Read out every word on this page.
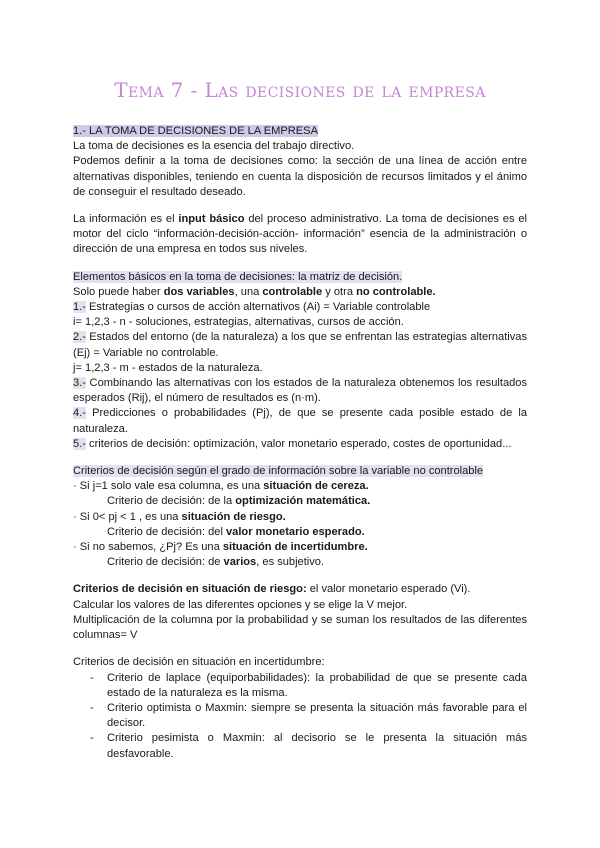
Tema 7 - Las decisiones de la empresa

1.- LA TOMA DE DECISIONES DE LA EMPRESA

La toma de decisiones es la esencia del trabajo directivo.

Podemos definir a la toma de decisiones como: la sección de una línea de acción entre alternativas disponibles, teniendo en cuenta la disposición de recursos limitados y el ánimo de conseguir el resultado deseado.

La información es el input básico del proceso administrativo. La toma de decisiones es el motor del ciclo “información-decisión-acción- información” esencia de la administración o dirección de una empresa en todos sus niveles.

Elementos básicos en la toma de decisiones: la matriz de decisión.

Solo puede haber dos variables, una controlable y otra no controlable.

1.- Estrategias o cursos de acción alternativos (Ai) = Variable controlable

i= 1,2,3 - n - soluciones, estrategias, alternativas, cursos de acción.

2.- Estados del entorno (de la naturaleza) a los que se enfrentan las estrategias alternativas (Ej) = Variable no controlable.

j= 1,2,3 - m - estados de la naturaleza.

3.- Combinando las alternativas con los estados de la naturaleza obtenemos los resultados esperados (Rij), el número de resultados es (n·m).

4.- Predicciones o probabilidades (Pj), de que se presente cada posible estado de la naturaleza.

5.- criterios de decisión: optimización, valor monetario esperado, costes de oportunidad...

Criterios de decisión según el grado de información sobre la variable no controlable

· Si j=1 solo vale esa columna, es una situación de cereza.

Criterio de decisión: de la optimización matemática.

· Si 0< pj < 1 , es una situación de riesgo.

Criterio de decisión: del valor monetario esperado.

· Si no sabemos, ¿Pj? Es una situación de incertidumbre.

Criterio de decisión: de varios, es subjetivo.

Criterios de decisión en situación de riesgo: el valor monetario esperado (Vi).

Calcular los valores de las diferentes opciones y se elige la V mejor.

Multiplicación de la columna por la probabilidad y se suman los resultados de las diferentes columnas= V

Criterios de decisión en situación en incertidumbre:

- Criterio de laplace (equiporbabilidades): la probabilidad de que se presente cada estado de la naturaleza es la misma.

- Criterio optimista o Maxmin: siempre se presenta la situación más favorable para el decisor.

- Criterio pesimista o Maxmin: al decisorio se le presenta la situación más desfavorable.
